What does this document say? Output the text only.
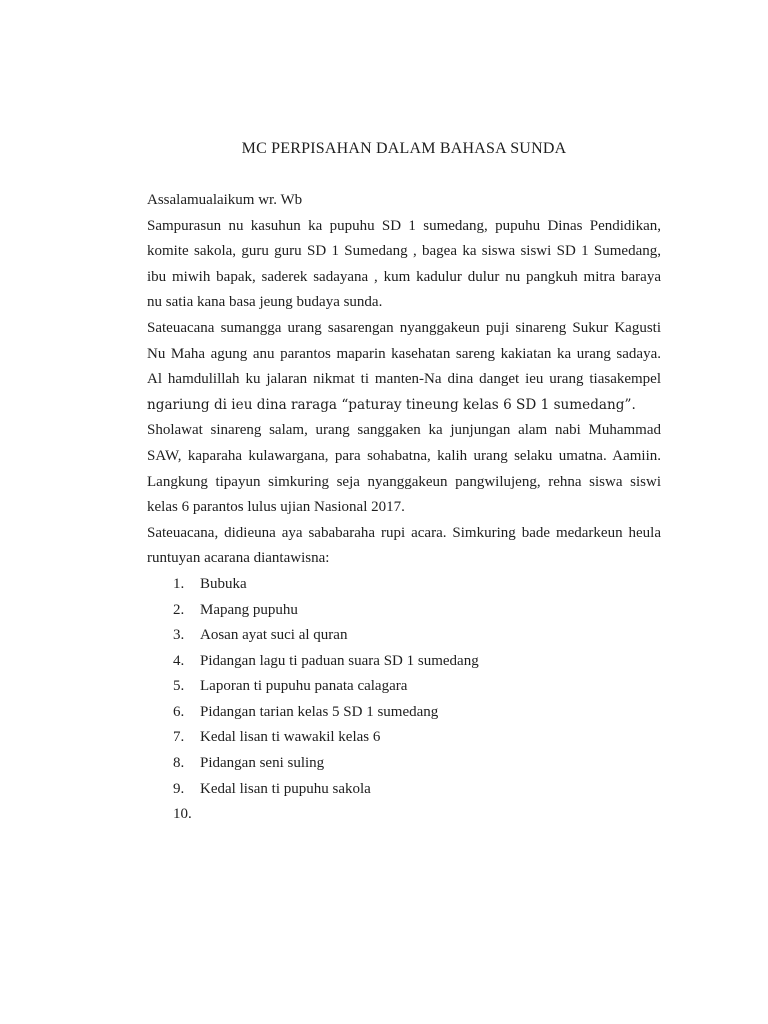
MC PERPISAHAN DALAM BAHASA SUNDA
Assalamualaikum wr. Wb
Sampurasun nu kasuhun ka pupuhu SD 1 sumedang, pupuhu Dinas Pendidikan,
komite sakola, guru guru SD 1 Sumedang , bagea ka siswa siswi SD 1 Sumedang,
ibu miwih bapak, saderek sadayana , kum kadulur dulur nu pangkuh mitra baraya
nu satia kana basa jeung budaya sunda.
Sateuacana sumangga urang sasarengan nyanggakeun puji sinareng Sukur Kagusti
Nu Maha agung anu parantos maparin kasehatan sareng kakiatan ka urang sadaya.
Al hamdulillah ku jalaran nikmat ti manten-Na dina danget ieu urang tiasakempel
ngariung di ieu dina raraga “paturay tineung kelas 6 SD 1 sumedang”.
Sholawat sinareng salam, urang sanggaken ka junjungan alam nabi Muhammad
SAW, kaparaha kulawargana, para sohabatna, kalih urang selaku umatna. Aamiin.
Langkung tipayun simkuring seja nyanggakeun pangwilujeng, rehna siswa siswi
kelas 6 parantos lulus ujian Nasional 2017.
Sateuacana, didieuna aya sababaraha rupi acara. Simkuring bade medarkeun heula
runtuyan acarana diantawisna:
1.	Bubuka
2.	Mapang pupuhu
3.	Aosan ayat suci al quran
4.	Pidangan lagu ti paduan suara SD 1 sumedang
5.	Laporan ti pupuhu panata calagara
6.	Pidangan tarian kelas 5 SD 1 sumedang
7.	Kedal lisan ti wawakil kelas 6
8.	Pidangan seni suling
9.	Kedal lisan ti pupuhu sakola
10.
